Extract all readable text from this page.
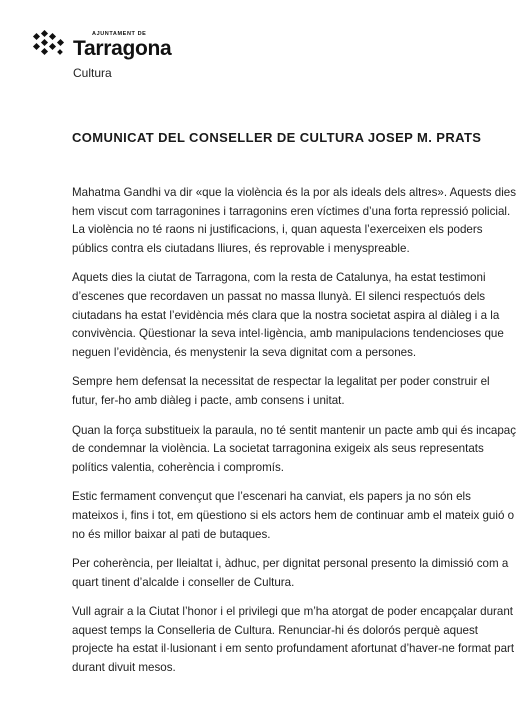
AJUNTAMENT DE
Tarragona
Cultura
COMUNICAT DEL CONSELLER DE CULTURA JOSEP M. PRATS

Mahatma Gandhi va dir «que la violència és la por als ideals dels altres». Aquests dies hem viscut com tarragonines i tarragonins eren víctimes d’una forta repressió policial. La violència no té raons ni justificacions, i, quan aquesta l’exerceixen els poders públics contra els ciutadans lliures, és reprovable i menyspreable.

Aquets dies la ciutat de Tarragona, com la resta de Catalunya, ha estat testimoni d’escenes que recordaven un passat no massa llunyà. El silenci respectuós dels ciutadans ha estat l’evidència més clara que la nostra societat aspira al diàleg i a la convivència. Qüestionar la seva intel·ligència, amb manipulacions tendencioses que neguen l’evidència, és menystenir la seva dignitat com a persones.

Sempre hem defensat la necessitat de respectar la legalitat per poder construir el futur, fer-ho amb diàleg i pacte, amb consens i unitat.

Quan la força substitueix la paraula, no té sentit mantenir un pacte amb qui és incapaç de condemnar la violència. La societat tarragonina exigeix als seus representats polítics valentia, coherència i compromís.

Estic fermament convençut que l’escenari ha canviat, els papers ja no són els mateixos i, fins i tot, em qüestiono si els actors hem de continuar amb el mateix guió o no és millor baixar al pati de butaques.

Per coherència, per lleialtat i, àdhuc, per dignitat personal presento la dimissió com a quart tinent d’alcalde i conseller de Cultura.

Vull agrair a la Ciutat l’honor i el privilegi que m’ha atorgat de poder encapçalar durant aquest temps la Conselleria de Cultura. Renunciar-hi és dolorós perquè aquest projecte ha estat il·lusionant i em sento profundament afortunat d’haver-ne format part durant divuit mesos.
